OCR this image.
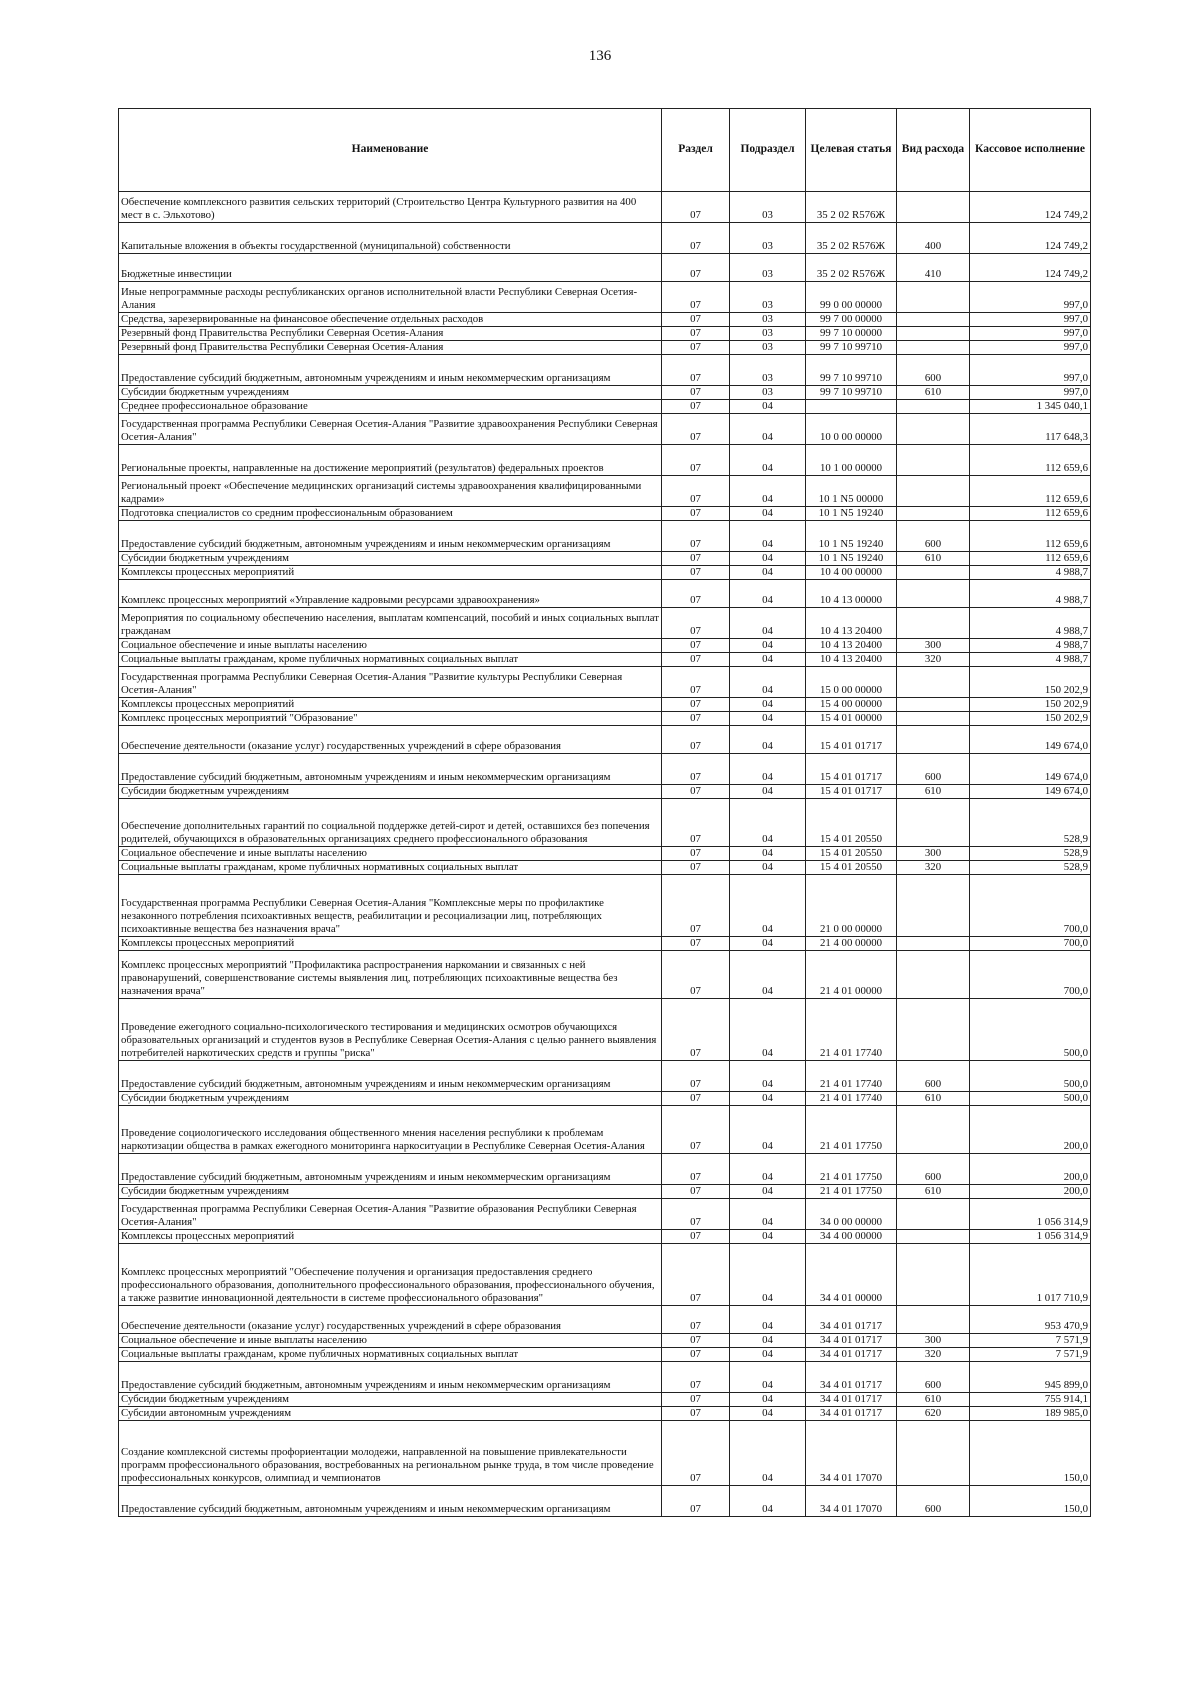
136
Наименование	Раздел	Подраздел	Целевая статья	Вид расхода	Кассовое исполнение
Обеспечение комплексного развития сельских территорий (Строительство Центра Культурного развития на 400 мест в с. Эльхотово)	07	03	35 2 02 R576Ж		124 749,2
Капитальные вложения в объекты государственной (муниципальной) собственности	07	03	35 2 02 R576Ж	400	124 749,2
Бюджетные инвестиции	07	03	35 2 02 R576Ж	410	124 749,2
Иные непрограммные расходы республиканских органов исполнительной власти Республики Северная Осетия-Алания	07	03	99 0 00 00000		997,0
Средства, зарезервированные на финансовое обеспечение отдельных расходов	07	03	99 7 00 00000		997,0
Резервный фонд Правительства Республики Северная Осетия-Алания	07	03	99 7 10 00000		997,0
Резервный фонд Правительства Республики Северная Осетия-Алания	07	03	99 7 10 99710		997,0
Предоставление субсидий бюджетным, автономным учреждениям и иным некоммерческим организациям	07	03	99 7 10 99710	600	997,0
Субсидии бюджетным учреждениям	07	03	99 7 10 99710	610	997,0
Среднее профессиональное образование	07	04			1 345 040,1
Государственная программа Республики Северная Осетия-Алания "Развитие здравоохранения Республики Северная Осетия-Алания"	07	04	10 0 00 00000		117 648,3
Региональные проекты, направленные на достижение мероприятий (результатов) федеральных проектов	07	04	10 1 00 00000		112 659,6
Региональный проект «Обеспечение медицинских организаций системы здравоохранения квалифицированными кадрами»	07	04	10 1 N5 00000		112 659,6
Подготовка специалистов со средним профессиональным образованием	07	04	10 1 N5 19240		112 659,6
Предоставление субсидий бюджетным, автономным учреждениям и иным некоммерческим организациям	07	04	10 1 N5 19240	600	112 659,6
Субсидии бюджетным учреждениям	07	04	10 1 N5 19240	610	112 659,6
Комплексы процессных мероприятий	07	04	10 4 00 00000		4 988,7
Комплекс процессных мероприятий «Управление кадровыми ресурсами здравоохранения»	07	04	10 4 13 00000		4 988,7
Мероприятия по социальному обеспечению населения, выплатам компенсаций, пособий и иных социальных выплат гражданам	07	04	10 4 13 20400		4 988,7
Социальное обеспечение и иные выплаты населению	07	04	10 4 13 20400	300	4 988,7
Социальные выплаты гражданам, кроме публичных нормативных социальных выплат	07	04	10 4 13 20400	320	4 988,7
Государственная программа Республики Северная Осетия-Алания "Развитие культуры Республики Северная Осетия-Алания"	07	04	15 0 00 00000		150 202,9
Комплексы процессных мероприятий	07	04	15 4 00 00000		150 202,9
Комплекс процессных мероприятий "Образование"	07	04	15 4 01 00000		150 202,9
Обеспечение деятельности (оказание услуг) государственных учреждений в сфере образования	07	04	15 4 01 01717		149 674,0
Предоставление субсидий бюджетным, автономным учреждениям и иным некоммерческим организациям	07	04	15 4 01 01717	600	149 674,0
Субсидии бюджетным учреждениям	07	04	15 4 01 01717	610	149 674,0
Обеспечение дополнительных гарантий по социальной поддержке детей-сирот и детей, оставшихся без попечения родителей, обучающихся в образовательных организациях среднего профессионального образования	07	04	15 4 01 20550		528,9
Социальное обеспечение и иные выплаты населению	07	04	15 4 01 20550	300	528,9
Социальные выплаты гражданам, кроме публичных нормативных социальных выплат	07	04	15 4 01 20550	320	528,9
Государственная программа Республики Северная Осетия-Алания "Комплексные меры по профилактике незаконного потребления психоактивных веществ, реабилитации и ресоциализации лиц, потребляющих психоактивные вещества без назначения врача"	07	04	21 0 00 00000		700,0
Комплексы процессных мероприятий	07	04	21 4 00 00000		700,0
Комплекс процессных мероприятий "Профилактика распространения наркомании и связанных с ней правонарушений, совершенствование системы выявления лиц, потребляющих психоактивные вещества без назначения врача"	07	04	21 4 01 00000		700,0
Проведение ежегодного социально-психологического тестирования и медицинских осмотров обучающихся образовательных организаций и студентов вузов в Республике Северная Осетия-Алания с целью раннего выявления потребителей наркотических средств и группы "риска"	07	04	21 4 01 17740		500,0
Предоставление субсидий бюджетным, автономным учреждениям и иным некоммерческим организациям	07	04	21 4 01 17740	600	500,0
Субсидии бюджетным учреждениям	07	04	21 4 01 17740	610	500,0
Проведение социологического исследования общественного мнения населения республики к проблемам наркотизации общества в рамках ежегодного мониторинга наркоситуации в Республике Северная Осетия-Алания	07	04	21 4 01 17750		200,0
Предоставление субсидий бюджетным, автономным учреждениям и иным некоммерческим организациям	07	04	21 4 01 17750	600	200,0
Субсидии бюджетным учреждениям	07	04	21 4 01 17750	610	200,0
Государственная программа Республики Северная Осетия-Алания "Развитие образования Республики Северная Осетия-Алания"	07	04	34 0 00 00000		1 056 314,9
Комплексы процессных мероприятий	07	04	34 4 00 00000		1 056 314,9
Комплекс процессных мероприятий "Обеспечение получения и организация предоставления среднего профессионального образования, дополнительного профессионального образования, профессионального обучения, а также развитие инновационной деятельности в системе профессионального образования"	07	04	34 4 01 00000		1 017 710,9
Обеспечение деятельности (оказание услуг) государственных учреждений в сфере образования	07	04	34 4 01 01717		953 470,9
Социальное обеспечение и иные выплаты населению	07	04	34 4 01 01717	300	7 571,9
Социальные выплаты гражданам, кроме публичных нормативных социальных выплат	07	04	34 4 01 01717	320	7 571,9
Предоставление субсидий бюджетным, автономным учреждениям и иным некоммерческим организациям	07	04	34 4 01 01717	600	945 899,0
Субсидии бюджетным учреждениям	07	04	34 4 01 01717	610	755 914,1
Субсидии автономным учреждениям	07	04	34 4 01 01717	620	189 985,0
Создание комплексной системы профориентации молодежи, направленной на повышение привлекательности программ профессионального образования, востребованных на региональном рынке труда, в том числе проведение профессиональных конкурсов, олимпиад и чемпионатов	07	04	34 4 01 17070		150,0
Предоставление субсидий бюджетным, автономным учреждениям и иным некоммерческим организациям	07	04	34 4 01 17070	600	150,0
